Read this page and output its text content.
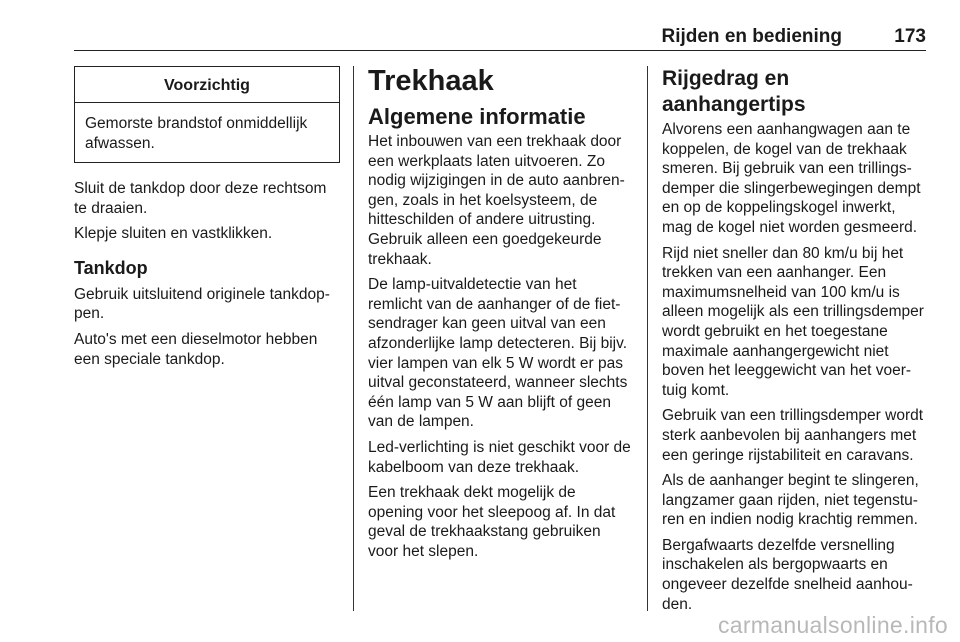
Rijden en bediening	173
Voorzichtig
Gemorste brandstof onmiddellijk afwassen.

Sluit de tankdop door deze rechtsom te draaien.

Klepje sluiten en vastklikken.

Tankdop

Gebruik uitsluitend originele tankdoppen.

Auto's met een dieselmotor hebben een speciale tankdop.

Trekhaak
Algemene informatie

Het inbouwen van een trekhaak door een werkplaats laten uitvoeren. Zo nodig wijzigingen in de auto aanbrengen, zoals in het koelsysteem, de hitteschilden of andere uitrusting. Gebruik alleen een goedgekeurde trekhaak.

De lamp-uitvaldetectie van het remlicht van de aanhanger of de fietsendrager kan geen uitval van een afzonderlijke lamp detecteren. Bij bijv. vier lampen van elk 5 W wordt er pas uitval geconstateerd, wanneer slechts één lamp van 5 W aan blijft of geen van de lampen.

Led-verlichting is niet geschikt voor de kabelboom van deze trekhaak.

Een trekhaak dekt mogelijk de opening voor het sleepoog af. In dat geval de trekhaakstang gebruiken voor het slepen.

Rijgedrag en aanhangertips

Alvorens een aanhangwagen aan te koppelen, de kogel van de trekhaak smeren. Bij gebruik van een trillingsdemper die slingerbewegingen dempt en op de koppelingskogel inwerkt, mag de kogel niet worden gesmeerd.

Rijd niet sneller dan 80 km/u bij het trekken van een aanhanger. Een maximumsnelheid van 100 km/u is alleen mogelijk als een trillingsdemper wordt gebruikt en het toegestane maximale aanhangergewicht niet boven het leeggewicht van het voertuig komt.

Gebruik van een trillingsdemper wordt sterk aanbevolen bij aanhangers met een geringe rijstabiliteit en caravans.

Als de aanhanger begint te slingeren, langzamer gaan rijden, niet tegensturen en indien nodig krachtig remmen.

Bergafwaarts dezelfde versnelling inschakelen als bergopwaarts en ongeveer dezelfde snelheid aanhouden.

carmanualsonline.info
